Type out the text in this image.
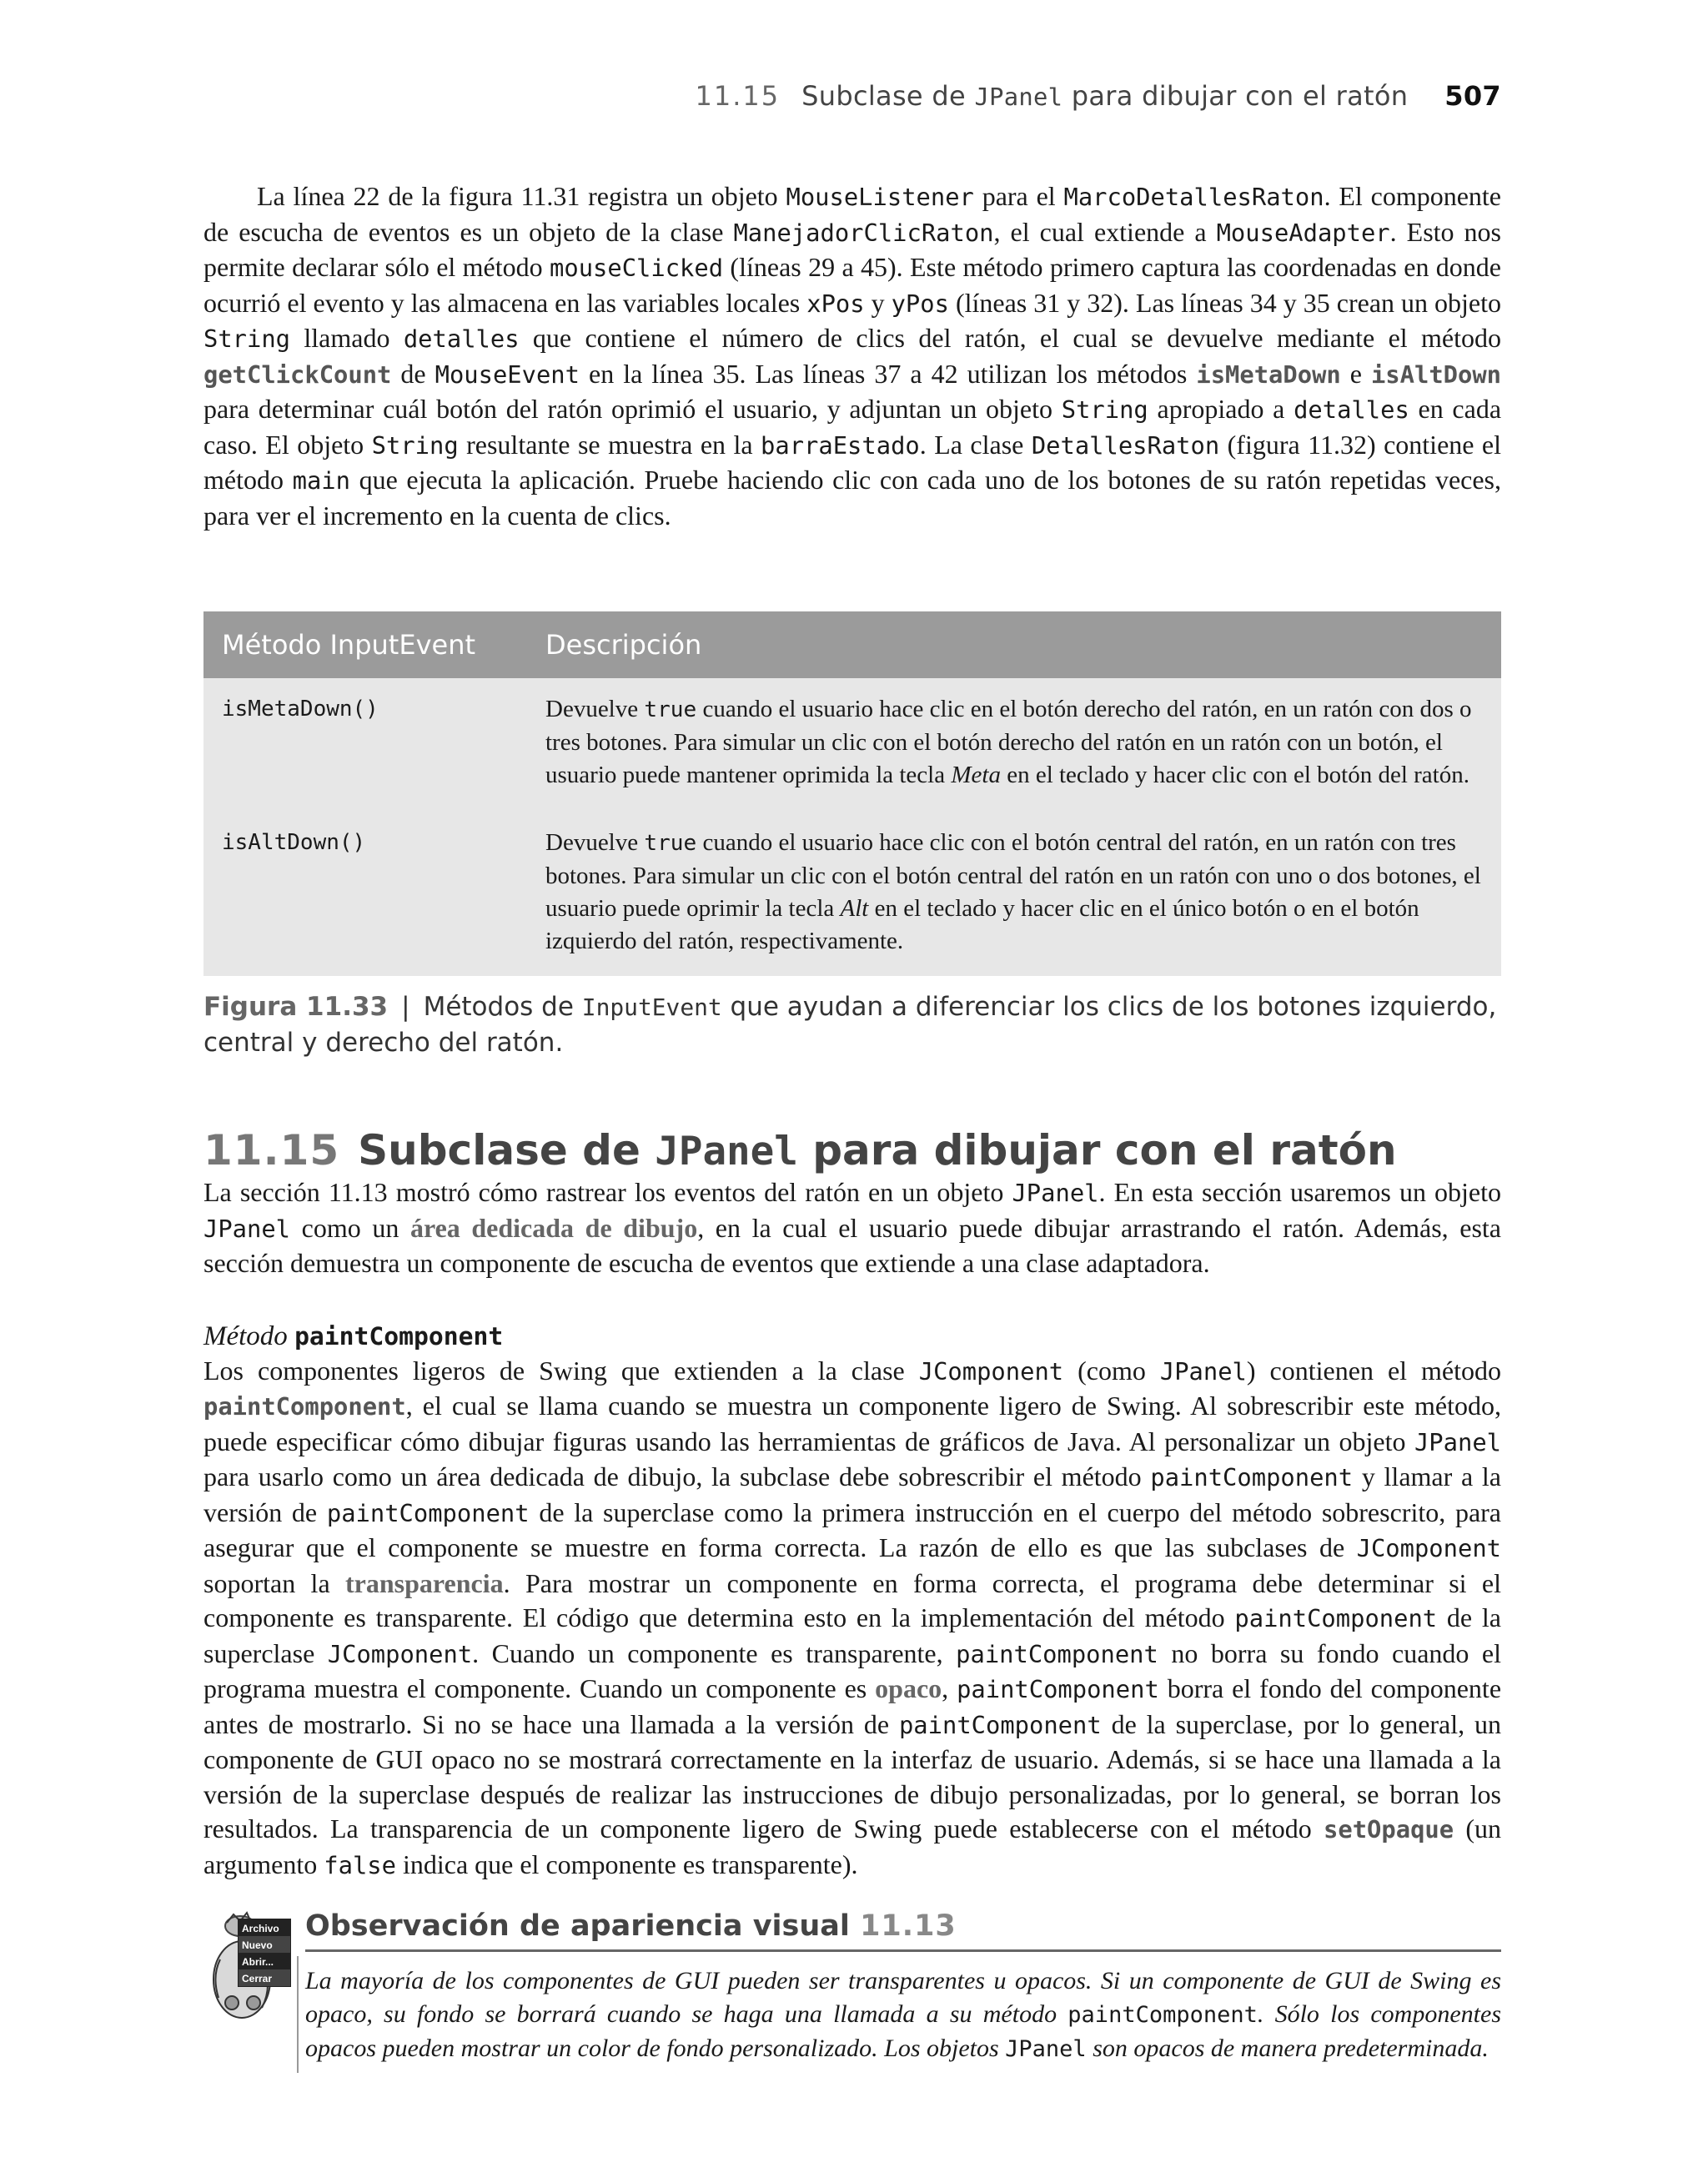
11.15 Subclase de JPanel para dibujar con el ratón 507

La línea 22 de la figura 11.31 registra un objeto MouseListener para el MarcoDetallesRaton. El componente de escucha de eventos es un objeto de la clase ManejadorClicRaton, el cual extiende a MouseAdapter. Esto nos permite declarar sólo el método mouseClicked (líneas 29 a 45). Este método primero captura las coordenadas en donde ocurrió el evento y las almacena en las variables locales xPos y yPos (líneas 31 y 32). Las líneas 34 y 35 crean un objeto String llamado detalles que contiene el número de clics del ratón, el cual se devuelve mediante el método getClickCount de MouseEvent en la línea 35. Las líneas 37 a 42 utilizan los métodos isMetaDown e isAltDown para determinar cuál botón del ratón oprimió el usuario, y adjuntan un objeto String apropiado a detalles en cada caso. El objeto String resultante se muestra en la barraEstado. La clase DetallesRaton (figura 11.32) contiene el método main que ejecuta la aplicación. Pruebe haciendo clic con cada uno de los botones de su ratón repetidas veces, para ver el incremento en la cuenta de clics.

Método InputEvent	Descripción
isMetaDown()	Devuelve true cuando el usuario hace clic en el botón derecho del ratón, en un ratón con dos o tres botones. Para simular un clic con el botón derecho del ratón en un ratón con un botón, el usuario puede mantener oprimida la tecla Meta en el teclado y hacer clic con el botón del ratón.
isAltDown()	Devuelve true cuando el usuario hace clic con el botón central del ratón, en un ratón con tres botones. Para simular un clic con el botón central del ratón en un ratón con uno o dos botones, el usuario puede oprimir la tecla Alt en el teclado y hacer clic en el único botón o en el botón izquierdo del ratón, respectivamente.
Figura 11.33 | Métodos de InputEvent que ayudan a diferenciar los clics de los botones izquierdo, central y derecho del ratón.
11.15 Subclase de JPanel para dibujar con el ratón

La sección 11.13 mostró cómo rastrear los eventos del ratón en un objeto JPanel. En esta sección usaremos un objeto JPanel como un área dedicada de dibujo, en la cual el usuario puede dibujar arrastrando el ratón. Además, esta sección demuestra un componente de escucha de eventos que extiende a una clase adaptadora.

Método paintComponent

Los componentes ligeros de Swing que extienden a la clase JComponent (como JPanel) contienen el método paintComponent, el cual se llama cuando se muestra un componente ligero de Swing. Al sobrescribir este método, puede especificar cómo dibujar figuras usando las herramientas de gráficos de Java. Al personalizar un objeto JPanel para usarlo como un área dedicada de dibujo, la subclase debe sobrescribir el método paintComponent y llamar a la versión de paintComponent de la superclase como la primera instrucción en el cuerpo del método sobrescrito, para asegurar que el componente se muestre en forma correcta. La razón de ello es que las subclases de JComponent soportan la transparencia. Para mostrar un componente en forma correcta, el programa debe determinar si el componente es transparente. El código que determina esto en la implementación del método paintComponent de la superclase JComponent. Cuando un componente es transparente, paintComponent no borra su fondo cuando el programa muestra el componente. Cuando un componente es opaco, paintComponent borra el fondo del componente antes de mostrarlo. Si no se hace una llamada a la versión de paintComponent de la superclase, por lo general, un componente de GUI opaco no se mostrará correctamente en la interfaz de usuario. Además, si se hace una llamada a la versión de la superclase después de realizar las instrucciones de dibujo personalizadas, por lo general, se borran los resultados. La transparencia de un componente ligero de Swing puede establecerse con el método setOpaque (un argumento false indica que el componente es transparente).

Archivo
Nuevo
Abrir...
Cerrar
Observación de apariencia visual 11.13
La mayoría de los componentes de GUI pueden ser transparentes u opacos. Si un componente de GUI de Swing es opaco, su fondo se borrará cuando se haga una llamada a su método paintComponent. Sólo los componentes opacos pueden mostrar un color de fondo personalizado. Los objetos JPanel son opacos de manera predeterminada.
